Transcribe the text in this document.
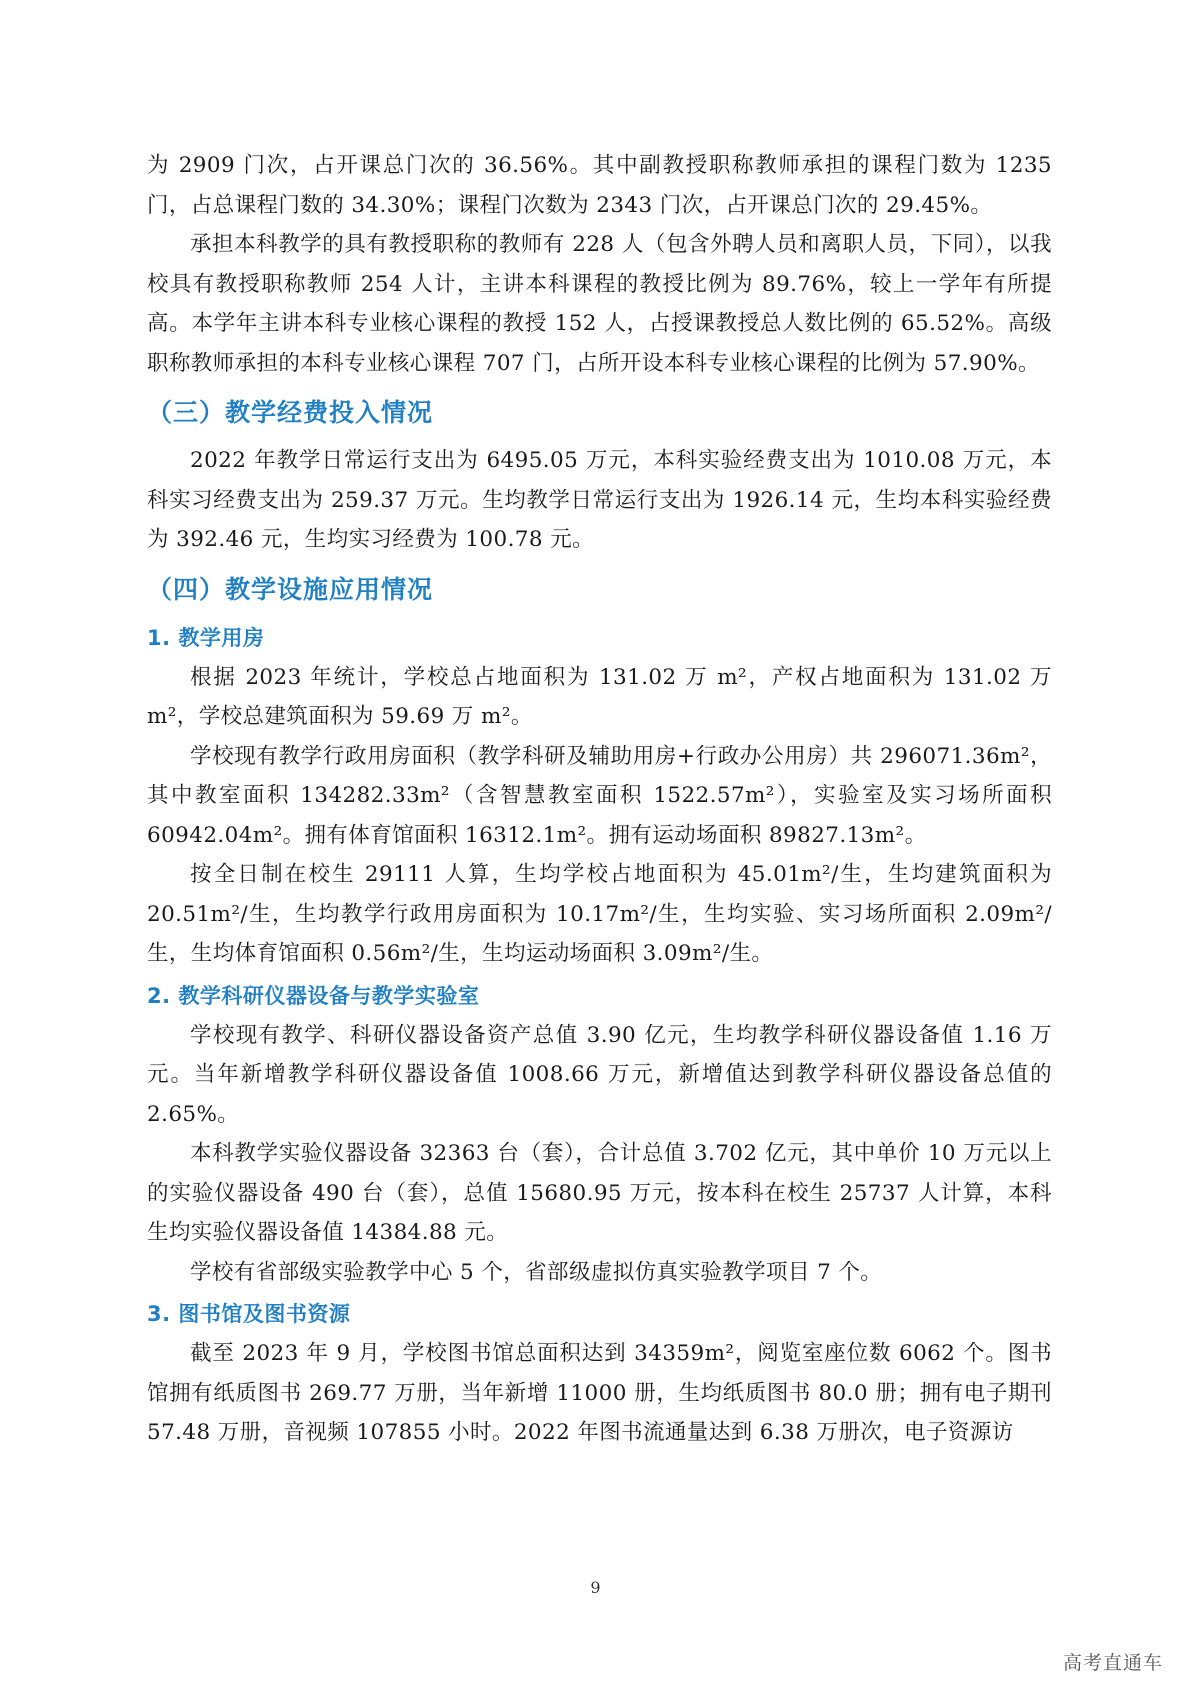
为 2909 门次，占开课总门次的 36.56%。其中副教授职称教师承担的课程门数为 1235 门，占总课程门数的 34.30%；课程门次数为 2343 门次，占开课总门次的 29.45%。

承担本科教学的具有教授职称的教师有 228 人（包含外聘人员和离职人员，下同），以我校具有教授职称教师 254 人计，主讲本科课程的教授比例为 89.76%，较上一学年有所提高。本学年主讲本科专业核心课程的教授 152 人，占授课教授总人数比例的 65.52%。高级职称教师承担的本科专业核心课程 707 门，占所开设本科专业核心课程的比例为 57.90%。

（三）教学经费投入情况

2022 年教学日常运行支出为 6495.05 万元，本科实验经费支出为 1010.08 万元，本科实习经费支出为 259.37 万元。生均教学日常运行支出为 1926.14 元，生均本科实验经费为 392.46 元，生均实习经费为 100.78 元。

（四）教学设施应用情况
1. 教学用房

根据 2023 年统计，学校总占地面积为 131.02 万 m²，产权占地面积为 131.02 万 m²，学校总建筑面积为 59.69 万 m²。

学校现有教学行政用房面积（教学科研及辅助用房+行政办公用房）共 296071.36m²，其中教室面积 134282.33m²（含智慧教室面积 1522.57m²），实验室及实习场所面积 60942.04m²。拥有体育馆面积 16312.1m²。拥有运动场面积 89827.13m²。

按全日制在校生 29111 人算，生均学校占地面积为 45.01m²/生，生均建筑面积为 20.51m²/生，生均教学行政用房面积为 10.17m²/生，生均实验、实习场所面积 2.09m²/生，生均体育馆面积 0.56m²/生，生均运动场面积 3.09m²/生。

2. 教学科研仪器设备与教学实验室

学校现有教学、科研仪器设备资产总值 3.90 亿元，生均教学科研仪器设备值 1.16 万元。当年新增教学科研仪器设备值 1008.66 万元，新增值达到教学科研仪器设备总值的 2.65%。

本科教学实验仪器设备 32363 台（套），合计总值 3.702 亿元，其中单价 10 万元以上的实验仪器设备 490 台（套），总值 15680.95 万元，按本科在校生 25737 人计算，本科生均实验仪器设备值 14384.88 元。

学校有省部级实验教学中心 5 个，省部级虚拟仿真实验教学项目 7 个。

3. 图书馆及图书资源

截至 2023 年 9 月，学校图书馆总面积达到 34359m²，阅览室座位数 6062 个。图书馆拥有纸质图书 269.77 万册，当年新增 11000 册，生均纸质图书 80.0 册；拥有电子期刊 57.48 万册，音视频 107855 小时。2022 年图书流通量达到 6.38 万册次，电子资源访

9
高考直通车
